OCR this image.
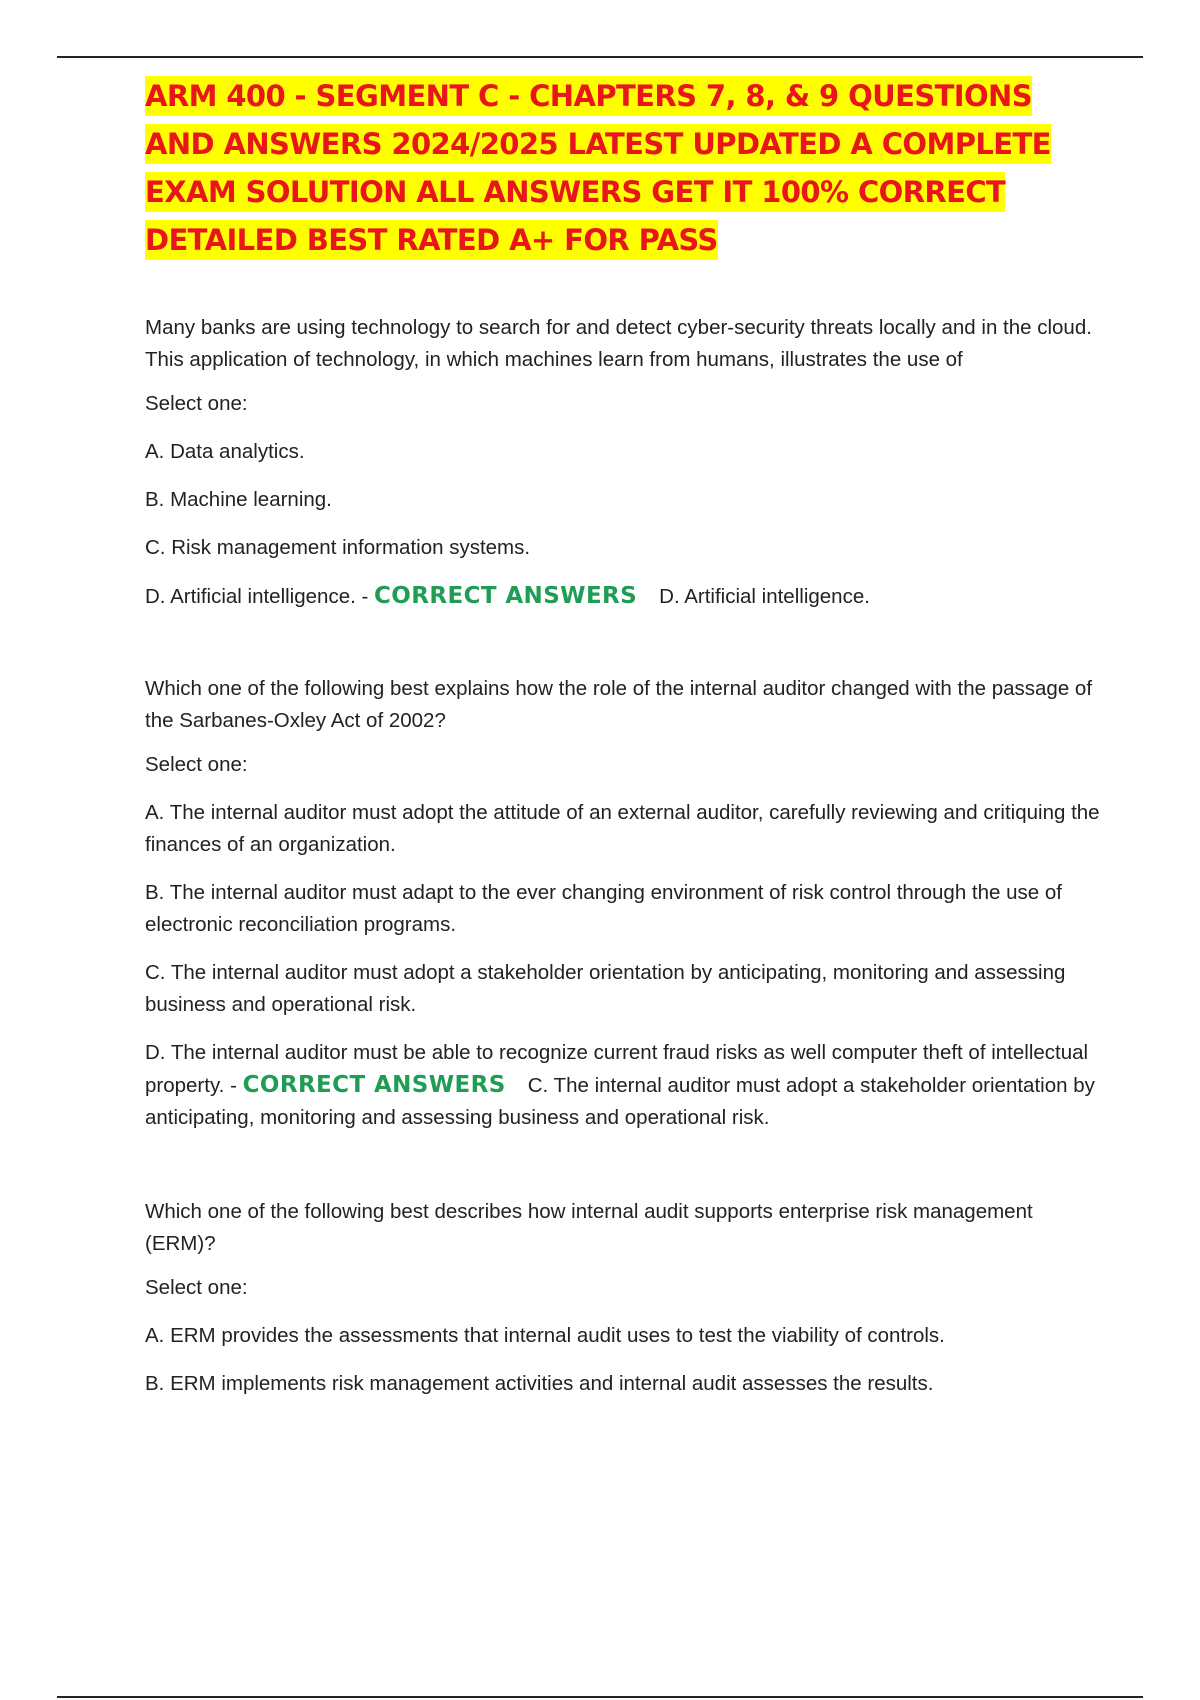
ARM 400 - SEGMENT C - CHAPTERS 7, 8, & 9 QUESTIONS AND ANSWERS 2024/2025 LATEST UPDATED A COMPLETE EXAM SOLUTION ALL ANSWERS GET IT 100% CORRECT DETAILED BEST RATED A+ FOR PASS

Many banks are using technology to search for and detect cyber-security threats locally and in the cloud. This application of technology, in which machines learn from humans, illustrates the use of

Select one:

A. Data analytics.

B. Machine learning.

C. Risk management information systems.

D. Artificial intelligence. - CORRECT ANSWERS D. Artificial intelligence.

Which one of the following best explains how the role of the internal auditor changed with the passage of the Sarbanes-Oxley Act of 2002?

Select one:

A. The internal auditor must adopt the attitude of an external auditor, carefully reviewing and critiquing the finances of an organization.

B. The internal auditor must adapt to the ever changing environment of risk control through the use of electronic reconciliation programs.

C. The internal auditor must adopt a stakeholder orientation by anticipating, monitoring and assessing business and operational risk.

D. The internal auditor must be able to recognize current fraud risks as well computer theft of intellectual property. - CORRECT ANSWERS C. The internal auditor must adopt a stakeholder orientation by anticipating, monitoring and assessing business and operational risk.

Which one of the following best describes how internal audit supports enterprise risk management (ERM)?

Select one:

A. ERM provides the assessments that internal audit uses to test the viability of controls.

B. ERM implements risk management activities and internal audit assesses the results.
